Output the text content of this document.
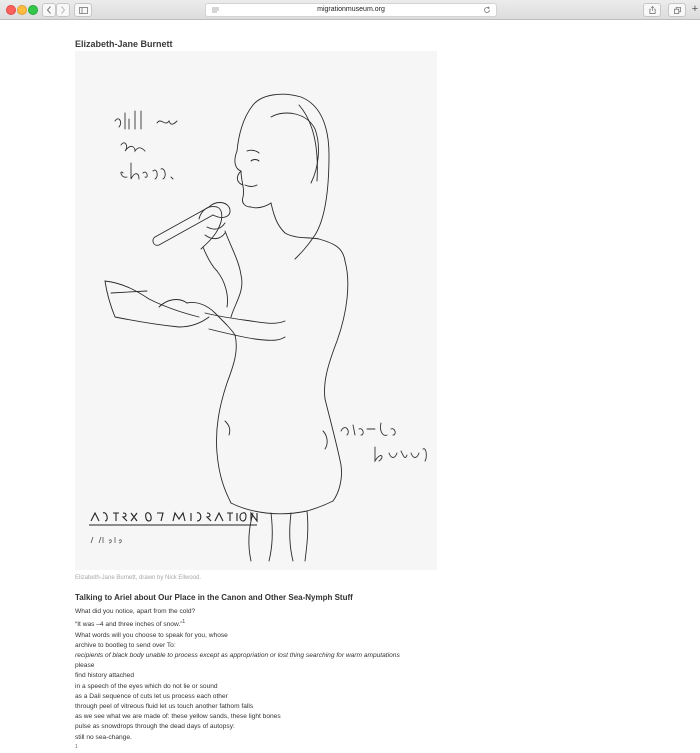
migrationmuseum.org	+
Elizabeth-Jane Burnett
Elizabeth-Jane Burnett, drawn by Nick Ellwood.
Talking to Ariel about Our Place in the Canon and Other Sea-Nymph Stuff
What did you notice, apart from the cold?
“It was –4 and three inches of snow.”$^1$
What words will you choose to speak for you, whose
archive to bootleg to send over To:
recipients of black body unable to process except as appropriation or lost thing searching for warm amputations
please
find history attached
in a speech of the eyes which do not lie or sound
as a Dali sequence of cuts let us process each other
through peel of vitreous fluid let us touch another fathom falls
as we see what we are made of: these yellow sands, these light bones
pulse as snowdrops through the dead days of autopsy:
still no sea-change.
$^1$
